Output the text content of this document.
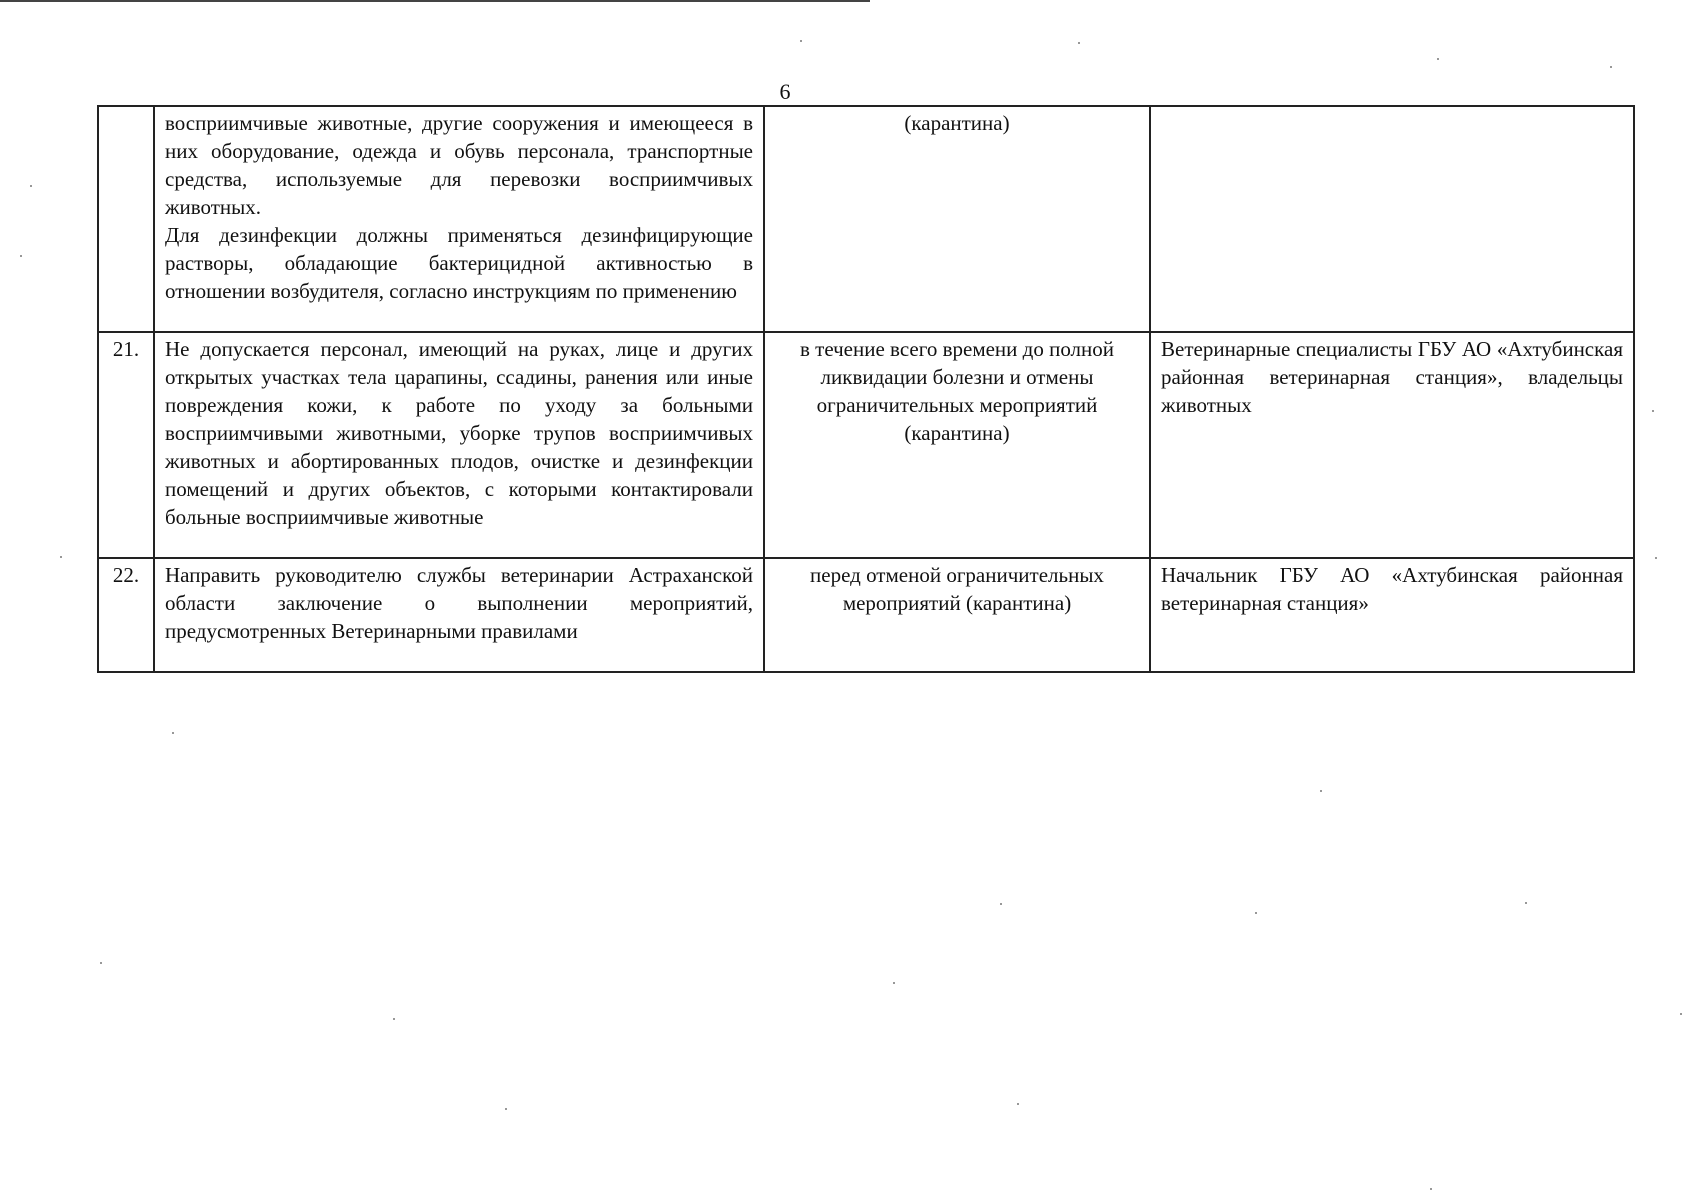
6

	восприимчивые животные, другие сооружения и имеющееся в них оборудование, одежда и обувь персонала, транспортные средства, используемые для перевозки восприимчивых животных.

Для дезинфекции должны применяться дезинфицирующие растворы, обладающие бактерицидной активностью в отношении возбудителя, согласно инструкциям по применению	(карантина)	

21.	Не допускается персонал, имеющий на руках, лице и других открытых участках тела царапины, ссадины, ранения или иные повреждения кожи, к работе по уходу за больными восприимчивыми животными, уборке трупов восприимчивых животных и абортированных плодов, очистке и дезинфекции помещений и других объектов, с которыми контактировали больные восприимчивые животные	в течение всего времени до полной ликвидации болезни и отмены ограничительных мероприятий (карантина)	Ветеринарные специалисты ГБУ АО «Ахтубинская районная ветеринарная станция», владельцы животных

22.	Направить руководителю службы ветеринарии Астраханской области заключение о выполнении мероприятий, предусмотренных Ветеринарными правилами	перед отменой ограничительных мероприятий (карантина)	Начальник ГБУ АО «Ахтубинская районная ветеринарная станция»
